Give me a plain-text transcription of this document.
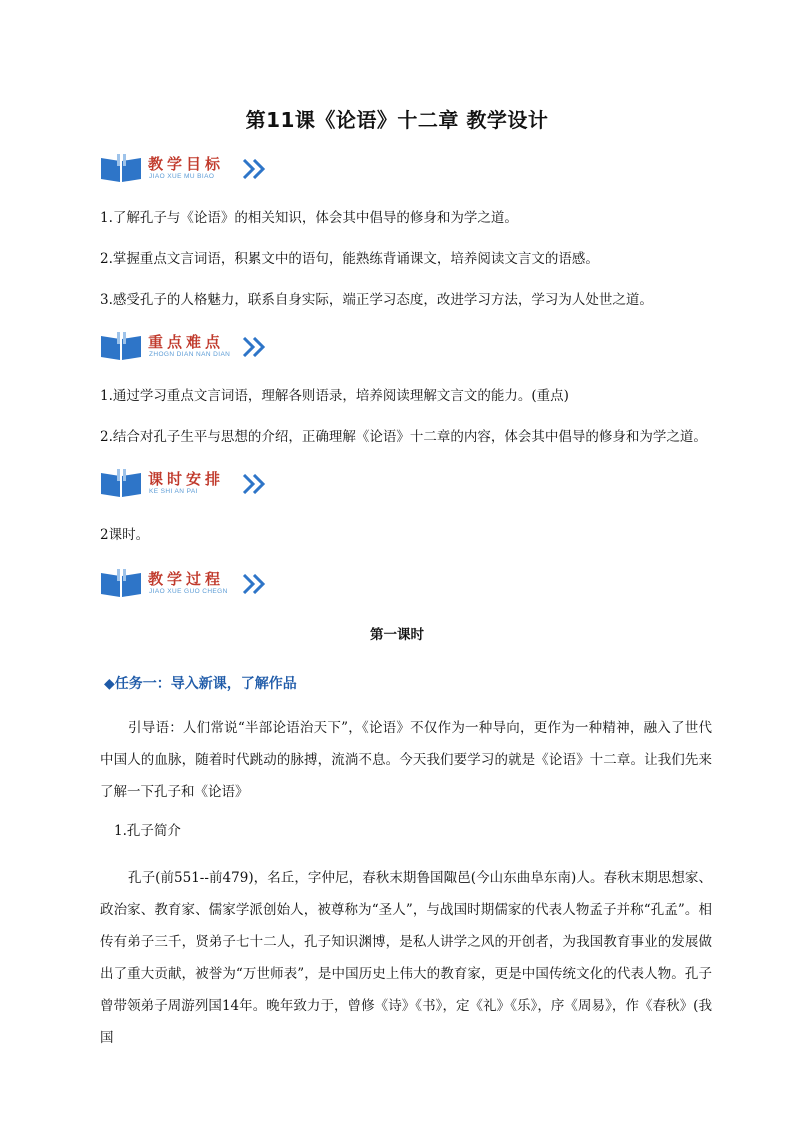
第11课《论语》十二章 教学设计
教学目标
JIAO XUE MU BIAO
1.了解孔子与《论语》的相关知识，体会其中倡导的修身和为学之道。
2.掌握重点文言词语，积累文中的语句，能熟练背诵课文，培养阅读文言文的语感。
3.感受孔子的人格魅力，联系自身实际，端正学习态度，改进学习方法，学习为人处世之道。
重点难点
ZHOGN DIAN NAN DIAN
1.通过学习重点文言词语，理解各则语录，培养阅读理解文言文的能力。(重点)
2.结合对孔子生平与思想的介绍，正确理解《论语》十二章的内容，体会其中倡导的修身和为学之道。
课时安排
KE SHI AN PAI
2课时。
教学过程
JIAO XUE GUO CHEGN
第一课时
◆任务一：导入新课，了解作品
引导语：人们常说“半部论语治天下”，《论语》不仅作为一种导向，更作为一种精神，融入了世代中国人的血脉，随着时代跳动的脉搏，流淌不息。今天我们要学习的就是《论语》十二章。让我们先来了解一下孔子和《论语》
1.孔子简介
孔子(前551--前479)，名丘，字仲尼，春秋末期鲁国陬邑(今山东曲阜东南)人。春秋末期思想家、政治家、教育家、儒家学派创始人，被尊称为“圣人”，与战国时期儒家的代表人物孟子并称“孔孟”。相传有弟子三千，贤弟子七十二人，孔子知识渊博，是私人讲学之风的开创者，为我国教育事业的发展做出了重大贡献，被誉为“万世师表”，是中国历史上伟大的教育家，更是中国传统文化的代表人物。孔子曾带领弟子周游列国14年。晚年致力于，曾修《诗》《书》，定《礼》《乐》，序《周易》，作《春秋》(我国
